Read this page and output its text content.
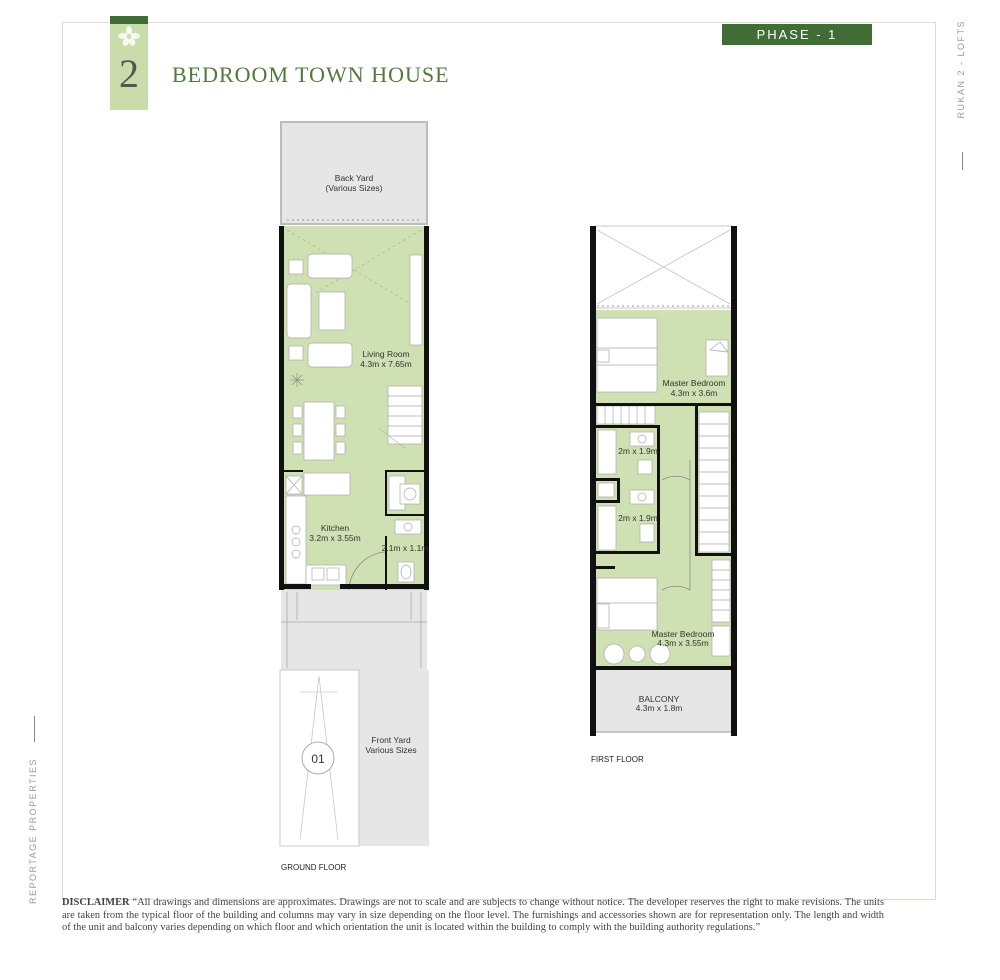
2	BEDROOM TOWN HOUSE
PHASE - 1	RUKAN 2 - LOFTS
REPORTAGE PROPERTIES
Back Yard
(Various Sizes)
Living Room
4.3m x 7.65m
Kitchen
3.2m x 3.55m
2.1m x 1.1m
01
Front Yard
Various Sizes
GROUND FLOOR
Master Bedroom
4.3m x 3.6m
2m x 1.9m
2m x 1.9m
Master Bedroom
4.3m x 3.55m
BALCONY
4.3m x 1.8m
FIRST FLOOR
DISCLAIMER “All drawings and dimensions are approximates. Drawings are not to scale and are subjects to change without notice. The developer reserves the right to make revisions. The units are taken from the typical floor of the building and columns may vary in size depending on the floor level. The furnishings and accessories shown are for representation only. The length and width of the unit and balcony varies depending on which floor and which orientation the unit is located within the building to comply with the building authority regulations.”
